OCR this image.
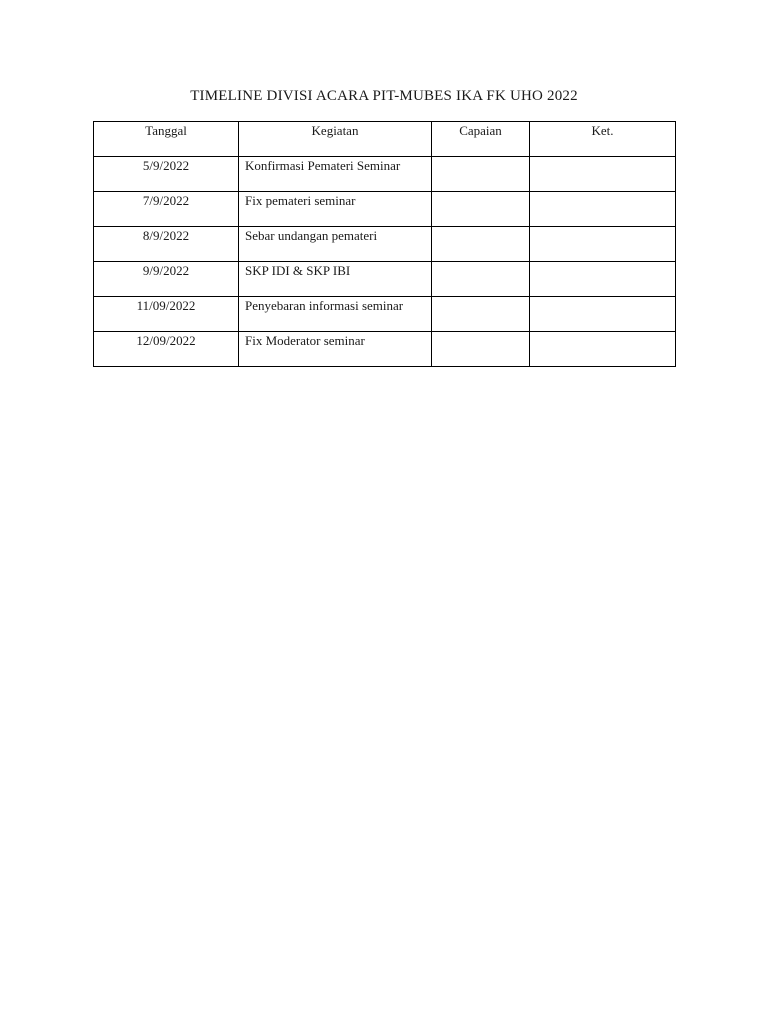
TIMELINE DIVISI ACARA PIT-MUBES IKA FK UHO 2022
Tanggal	Kegiatan	Capaian	Ket.
5/9/2022	Konfirmasi Pemateri Seminar		
7/9/2022	Fix pemateri seminar		
8/9/2022	Sebar undangan pemateri		
9/9/2022	SKP IDI & SKP IBI		
11/09/2022	Penyebaran informasi seminar		
12/09/2022	Fix Moderator seminar		
